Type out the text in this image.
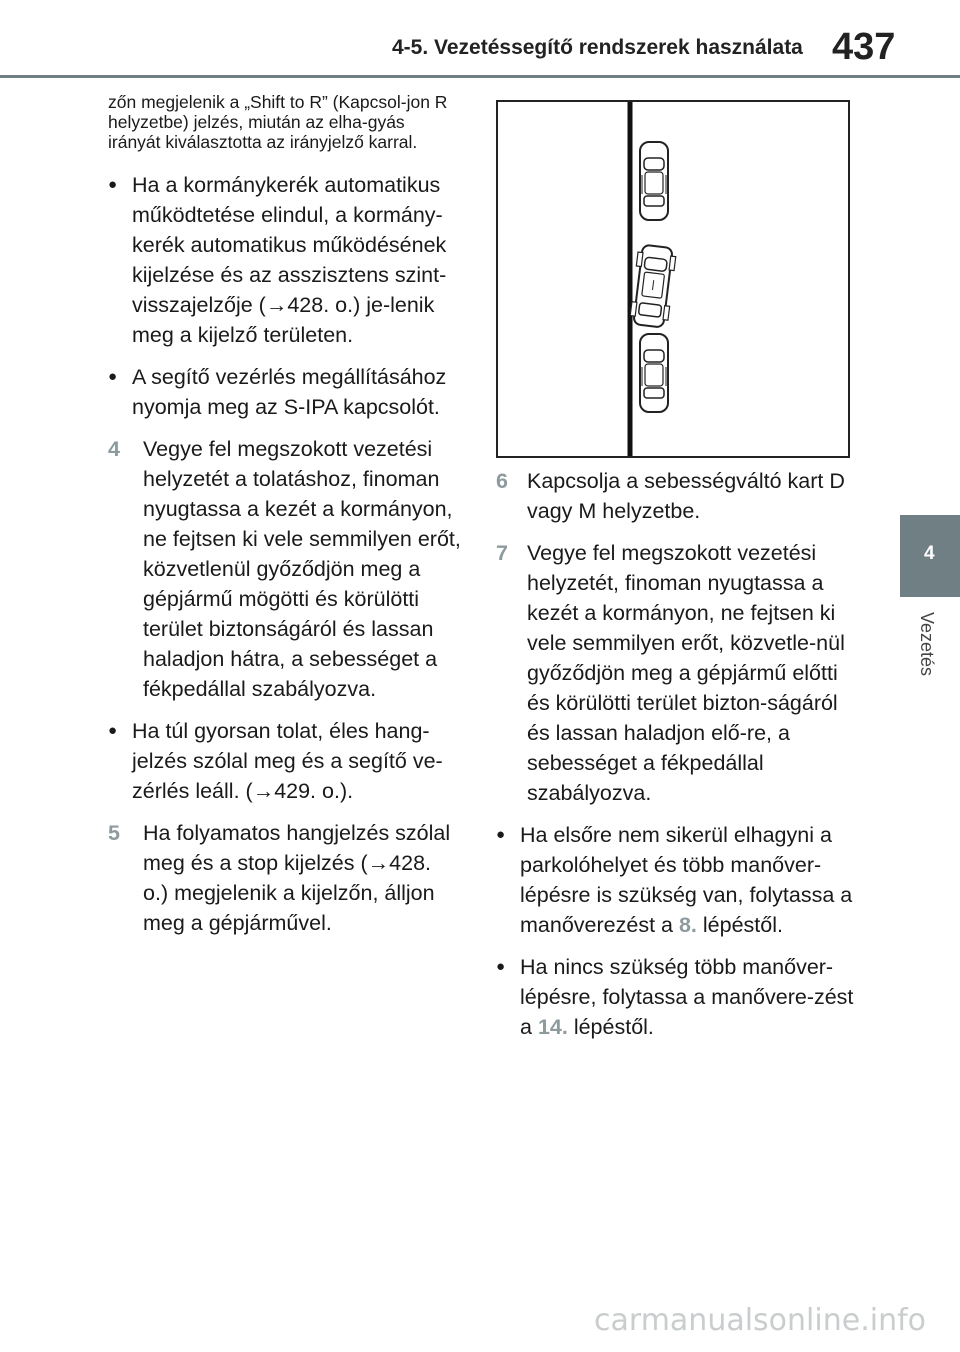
4-5. Vezetéssegítő rendszerek használata 437
4
Vezetés

zőn megjelenik a „Shift to R” (Kapcsol-jon R helyzetbe) jelzés, miután az elha-gyás irányát kiválasztotta az irányjelző karral.

● Ha a kormánykerék automatikus működtetése elindul, a kormány-kerék automatikus működésének kijelzése és az asszisztens szint-visszajelzője (→428. o.) je-lenik meg a kijelző területen.
● A segítő vezérlés megállításához nyomja meg az S-IPA kapcsolót.
4 Vegye fel megszokott vezetési helyzetét a tolatáshoz, finoman nyugtassa a kezét a kormányon, ne fejtsen ki vele semmilyen erőt, közvetlenül győződjön meg a gépjármű mögötti és körülötti terület biztonságáról és lassan haladjon hátra, a sebességet a fékpedállal szabályozva.
● Ha túl gyorsan tolat, éles hang-jelzés szólal meg és a segítő ve-zérlés leáll. (→429. o.).
5 Ha folyamatos hangjelzés szólal meg és a stop kijelzés (→428. o.) megjelenik a kijelzőn, álljon meg a gépjárművel.
6 Kapcsolja a sebességváltó kart D vagy M helyzetbe.
7 Vegye fel megszokott vezetési helyzetét, finoman nyugtassa a kezét a kormányon, ne fejtsen ki vele semmilyen erőt, közvetle-nül győződjön meg a gépjármű előtti és körülötti terület bizton-ságáról és lassan haladjon elő-re, a sebességet a fékpedállal szabályozva.
● Ha elsőre nem sikerül elhagyni a parkolóhelyet és több manőver-lépésre is szükség van, folytassa a manőverezést a 8. lépéstől.
● Ha nincs szükség több manőver-lépésre, folytassa a manővere-zést a 14. lépéstől.
carmanualsonline.info
